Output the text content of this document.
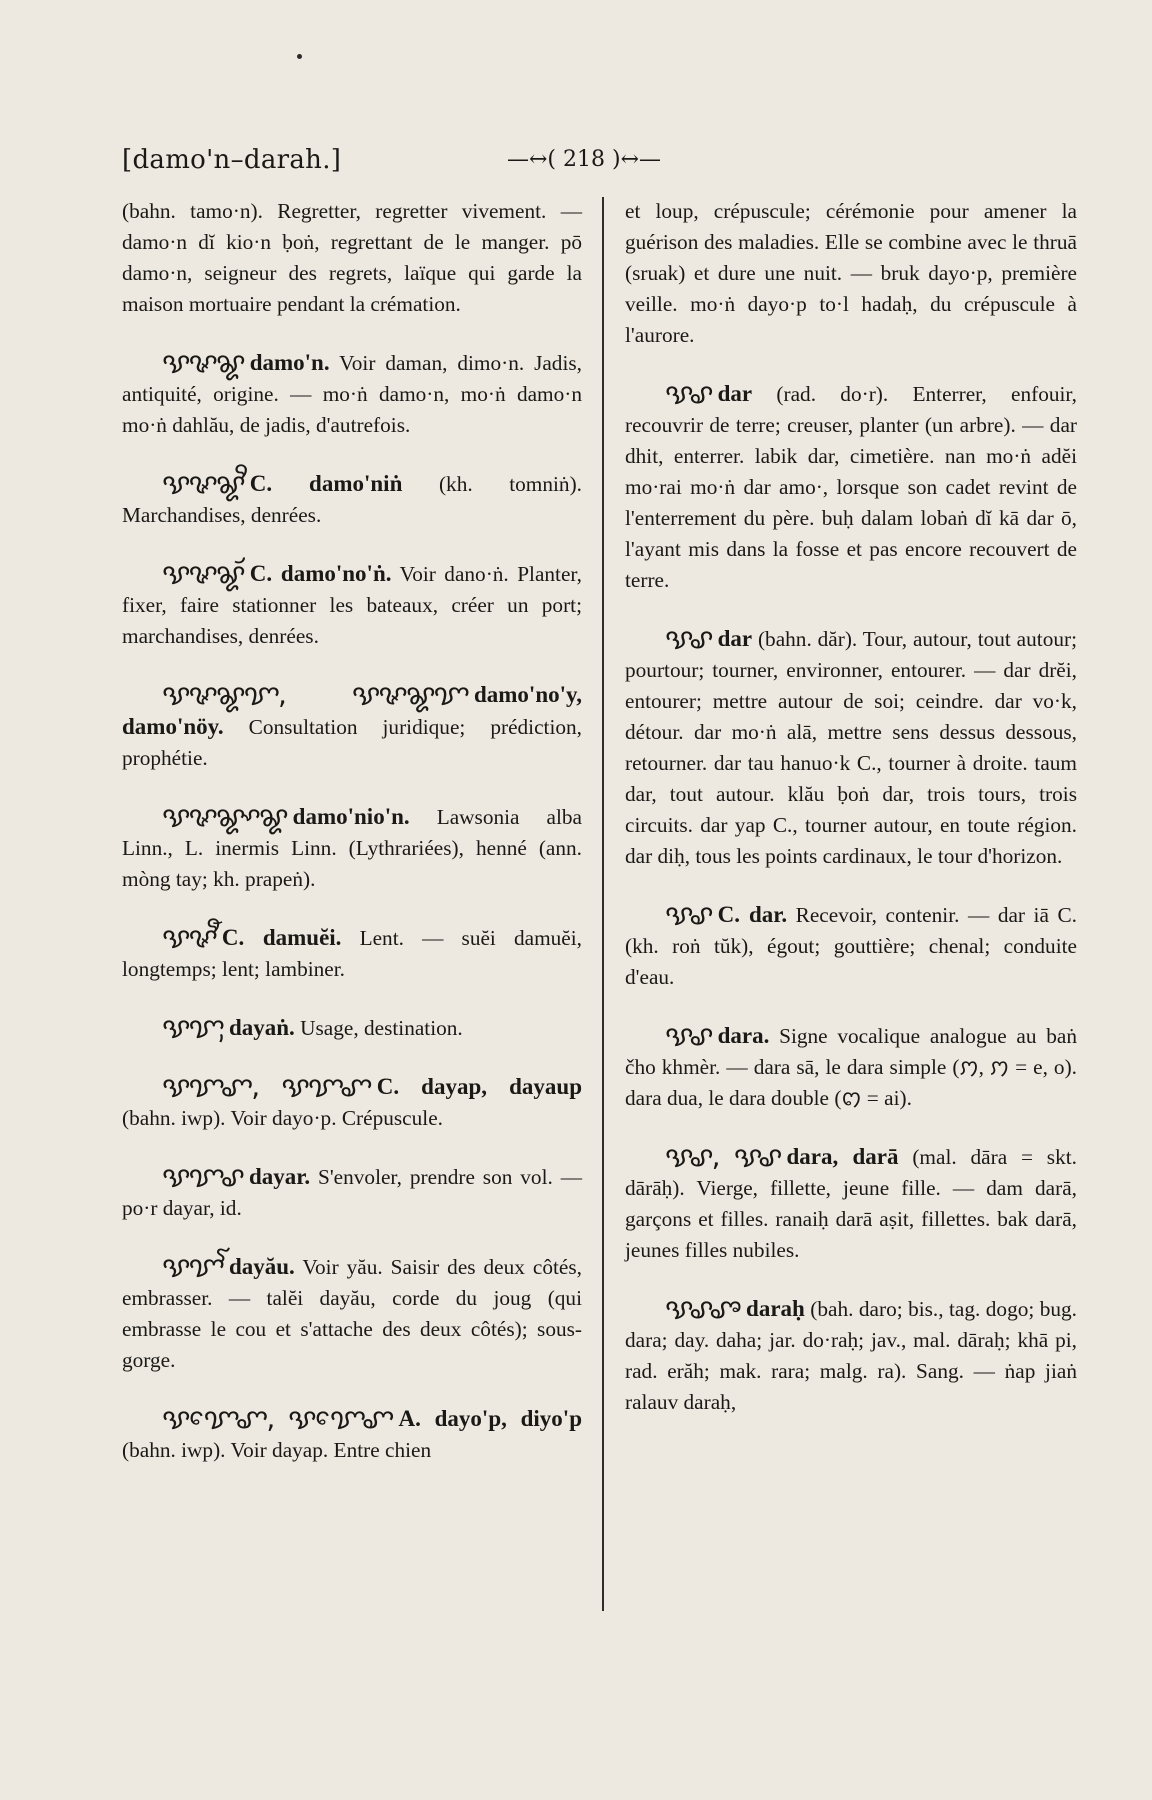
[damo'n–darah.]	—↔( 218 )↔—

(bahn. tamo·n). Regretter, regretter vivement. — damo·n dĭ kio·n ḅoṅ, regrettant de le manger. pō damo·n, seigneur des regrets, laïque qui garde la maison mortuaire pendant la crémation.

ꨕꨟꨘ damo'n. Voir daman, dimo·n. Jadis, antiquité, origine. — mo·ṅ damo·n, mo·ṅ damo·n mo·ṅ dahlău, de jadis, d'autrefois.

ꨕꨟꨘꨪ C. damo'niṅ (kh. tomniṅ). Marchandises, denrées.

ꨕꨟꨘꨮ C. damo'no'ṅ. Voir dano·ṅ. Planter, fixer, faire stationner les bateaux, créer un port; marchandises, denrées.

ꨕꨟꨘꨢ, ꨕꨟꨘꨢ damo'no'y, damo'nöy. Consultation juridique; prédiction, prophétie.

ꨕꨟꨘꨳꨘ damo'nio'n. Lawsonia alba Linn., L. inermis Linn. (Lythrariées), henné (ann. mòng tay; kh. prapeṅ).

ꨕꨟꨬ C. damuĕi. Lent. — suĕi damuĕi, longtemps; lent; lambiner.

ꨕꨢꨲ dayaṅ. Usage, destination.

ꨕꨢꨚ, ꨕꨢꨚ C. dayap, dayaup (bahn. iwp). Voir dayo·p. Crépuscule.

ꨕꨢꨣ dayar. S'envoler, prendre son vol. — po·r dayar, id.

ꨕꨢꨱ dayău. Voir yău. Saisir des deux côtés, embrasser. — talĕi dayău, corde du joug (qui embrasse le cou et s'attache des deux côtés); sous-gorge.

ꨕꨢꨯꨚ, ꨕꨢꨯꨚ A. dayo'p, diyo'p (bahn. iwp). Voir dayap. Entre chien

et loup, crépuscule; cérémonie pour amener la guérison des maladies. Elle se combine avec le thruā (sruak) et dure une nuit. — bruk dayo·p, première veille. mo·ṅ dayo·p to·l hadaḥ, du crépuscule à l'aurore.

ꨕꨣ dar (rad. do·r). Enterrer, enfouir, recouvrir de terre; creuser, planter (un arbre). — dar dhit, enterrer. labik dar, cimetière. nan mo·ṅ adĕi mo·rai mo·ṅ dar amo·, lorsque son cadet revint de l'enterrement du père. buḥ dalam lobaṅ dĭ kā dar ō, l'ayant mis dans la fosse et pas encore recouvert de terre.

ꨕꨣ dar (bahn. dăr). Tour, autour, tout autour; pourtour; tourner, environner, entourer. — dar drĕi, entourer; mettre autour de soi; ceindre. dar vo·k, détour. dar mo·ṅ alā, mettre sens dessus dessous, retourner. dar tau hanuo·k C., tourner à droite. taum dar, tout autour. klău ḅoṅ dar, trois tours, trois circuits. dar yap C., tourner autour, en toute région. dar diḥ, tous les points cardinaux, le tour d'horizon.

ꨕꨣ C. dar. Recevoir, contenir. — dar iā C. (kh. roṅ tŭk), égout; gouttière; chenal; conduite d'eau.

ꨕꨣ dara. Signe vocalique analogue au baṅ čho khmèr. — dara sā, le dara simple (ꩀ, ꩀ = e, o). dara dua, le dara double (ꩁ = ai).

ꨕꨣ, ꨕꨣ dara, darā (mal. dāra = skt. dārāḥ). Vierge, fillette, jeune fille. — dam darā, garçons et filles. ranaiḥ darā aṣit, fillettes. bak darā, jeunes filles nubiles.

ꨕꨣꨨ daraḥ (bah. daro; bis., tag. dogo; bug. dara; day. daha; jar. do·raḥ; jav., mal. dāraḥ; khā pi, rad. erăh; mak. rara; malg. ra). Sang. — ṅap jiaṅ ralauv daraḥ,
